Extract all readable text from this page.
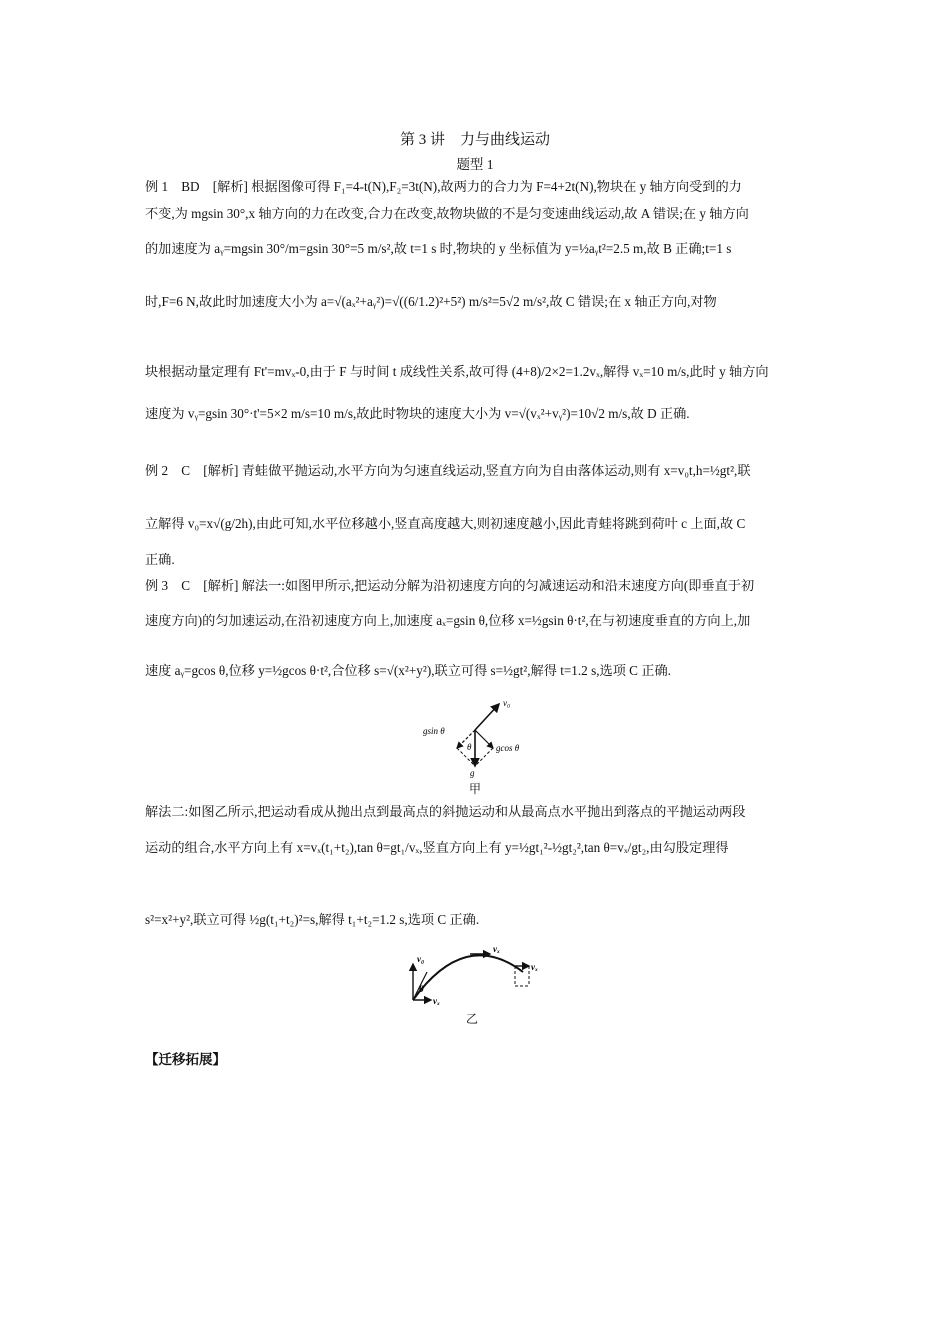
第 3 讲　力与曲线运动
题型 1
例 1　BD　[解析] 根据图像可得 F₁=4-t(N),F₂=3t(N),故两力的合力为 F=4+2t(N),物块在 y 轴方向受到的力
不变,为 mgsin 30°,x 轴方向的力在改变,合力在改变,故物块做的不是匀变速曲线运动,故 A 错误;在 y 轴方向
的加速度为 aᵧ=mgsin 30°/m=gsin 30°=5 m/s²,故 t=1 s 时,物块的 y 坐标值为 y=½aᵧt²=2.5 m,故 B 正确;t=1 s
时,F=6 N,故此时加速度大小为 a=√(aₓ²+aᵧ²)=√((6/1.2)²+5²) m/s²=5√2 m/s²,故 C 错误;在 x 轴正方向,对物
块根据动量定理有 Ft'=mvₓ-0,由于 F 与时间 t 成线性关系,故可得 (4+8)/2×2=1.2vₓ,解得 vₓ=10 m/s,此时 y 轴方向
速度为 vᵧ=gsin 30°·t'=5×2 m/s=10 m/s,故此时物块的速度大小为 v=√(vₓ²+vᵧ²)=10√2 m/s,故 D 正确.
例 2　C　[解析] 青蛙做平抛运动,水平方向为匀速直线运动,竖直方向为自由落体运动,则有 x=v₀t,h=½gt²,联
立解得 v₀=x√(g/2h),由此可知,水平位移越小,竖直高度越大,则初速度越小,因此青蛙将跳到荷叶 c 上面,故 C
正确.
例 3　C　[解析] 解法一:如图甲所示,把运动分解为沿初速度方向的匀减速运动和沿末速度方向(即垂直于初
速度方向)的匀加速运动,在沿初速度方向上,加速度 aₓ=gsin θ,位移 x=½gsin θ·t²,在与初速度垂直的方向上,加
速度 aᵧ=gcos θ,位移 y=½gcos θ·t²,合位移 s=√(x²+y²),联立可得 s=½gt²,解得 t=1.2 s,选项 C 正确.
v₀
gsin θ
gcos θ
θ
g
甲
解法二:如图乙所示,把运动看成从抛出点到最高点的斜抛运动和从最高点水平抛出到落点的平抛运动两段
运动的组合,水平方向上有 x=vₓ(t₁+t₂),tan θ=gt₁/vₓ,竖直方向上有 y=½gt₁²-½gt₂²,tan θ=vₓ/gt₂,由勾股定理得
s²=x²+y²,联立可得 ½g(t₁+t₂)²=s,解得 t₁+t₂=1.2 s,选项 C 正确.
v₀
vₓ
vₓ
vₓ
θ
乙
【迁移拓展】
